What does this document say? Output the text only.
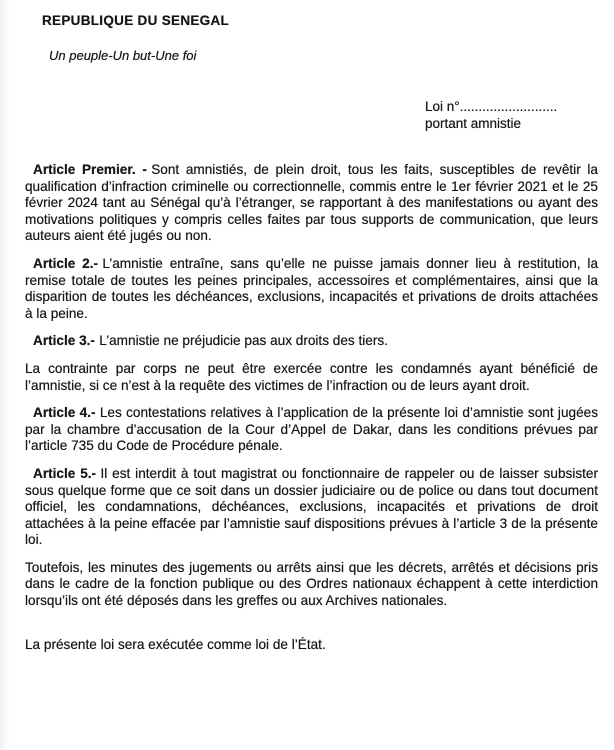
REPUBLIQUE DU SENEGAL
Un peuple-Un but-Une foi
Loi n°..........................
portant amnistie

Article Premier. - Sont amnistiés, de plein droit, tous les faits, susceptibles de revêtir la qualification d’infraction criminelle ou correctionnelle, commis entre le 1er février 2021 et le 25 février 2024 tant au Sénégal qu’à l’étranger, se rapportant à des manifestations ou ayant des motivations politiques y compris celles faites par tous supports de communication, que leurs auteurs aient été jugés ou non.

Article 2.- L’amnistie entraîne, sans qu’elle ne puisse jamais donner lieu à restitution, la remise totale de toutes les peines principales, accessoires et complémentaires, ainsi que la disparition de toutes les déchéances, exclusions, incapacités et privations de droits attachées à la peine.

Article 3.- L’amnistie ne préjudicie pas aux droits des tiers.

La contrainte par corps ne peut être exercée contre les condamnés ayant bénéficié de l’amnistie, si ce n’est à la requête des victimes de l’infraction ou de leurs ayant droit.

Article 4.- Les contestations relatives à l’application de la présente loi d’amnistie sont jugées par la chambre d’accusation de la Cour d’Appel de Dakar, dans les conditions prévues par l’article 735 du Code de Procédure pénale.

Article 5.- Il est interdit à tout magistrat ou fonctionnaire de rappeler ou de laisser subsister sous quelque forme que ce soit dans un dossier judiciaire ou de police ou dans tout document officiel, les condamnations, déchéances, exclusions, incapacités et privations de droit attachées à la peine effacée par l’amnistie sauf dispositions prévues à l’article 3 de la présente loi.

Toutefois, les minutes des jugements ou arrêts ainsi que les décrets, arrêtés et décisions pris dans le cadre de la fonction publique ou des Ordres nationaux échappent à cette interdiction lorsqu’ils ont été déposés dans les greffes ou aux Archives nationales.

La présente loi sera exécutée comme loi de l’État.
